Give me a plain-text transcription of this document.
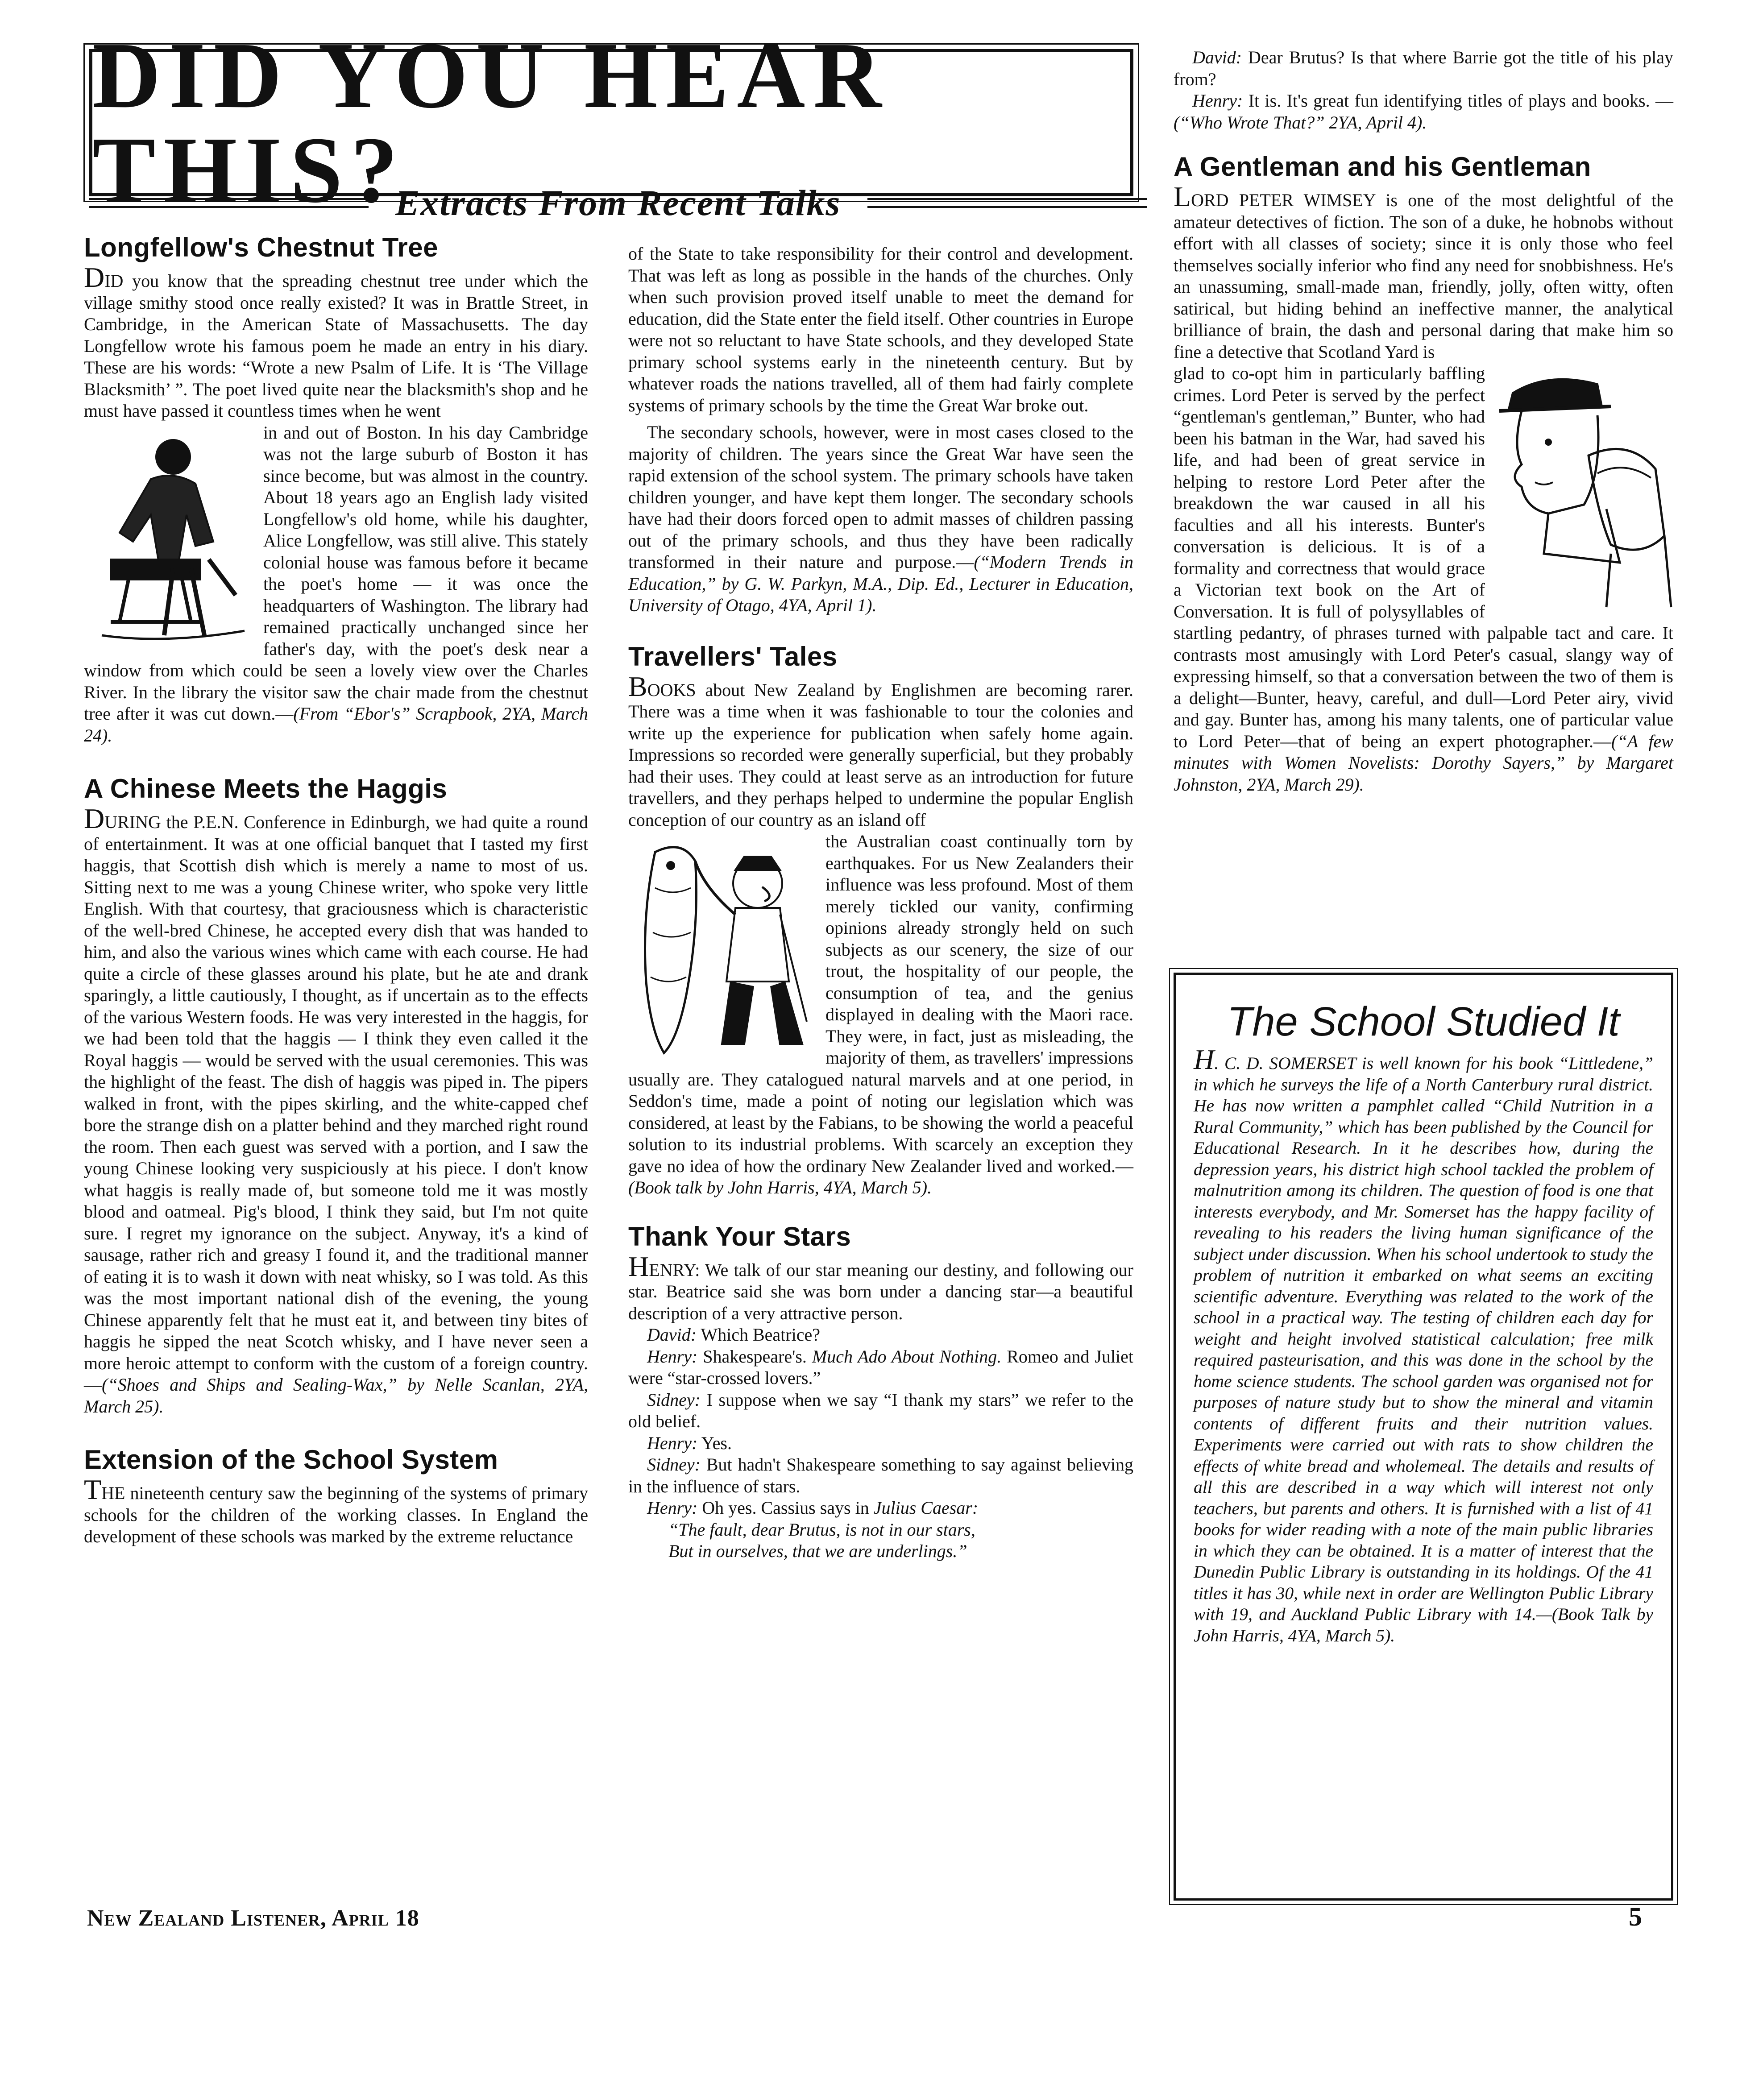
DID YOU HEAR THIS?
Extracts From Recent Talks
Longfellow's Chestnut Tree

DID you know that the spreading chestnut tree under which the village smithy stood once really existed? It was in Brattle Street, in Cambridge, in the American State of Massachusetts. The day Longfellow wrote his famous poem he made an entry in his diary. These are his words: “Wrote a new Psalm of Life. It is ‘The Village Blacksmith’ ”. The poet lived quite near the blacksmith's shop and he must have passed it countless times when he went

in and out of Boston. In his day Cambridge was not the large suburb of Boston it has since become, but was almost in the country. About 18 years ago an English lady visited Longfellow's old home, while his daughter, Alice Longfellow, was still alive. This stately colonial house was famous before it became the poet's home — it was once the headquarters of Washington. The library had remained practically unchanged since her father's day, with the poet's desk near a window from which could be seen a lovely view over the Charles River. In the library the visitor saw the chair made from the chestnut tree after it was cut down.—(From “Ebor's” Scrapbook, 2YA, March 24).

A Chinese Meets the Haggis

DURING the P.E.N. Conference in Edinburgh, we had quite a round of entertainment. It was at one official banquet that I tasted my first haggis, that Scottish dish which is merely a name to most of us. Sitting next to me was a young Chinese writer, who spoke very little English. With that courtesy, that graciousness which is characteristic of the well-bred Chinese, he accepted every dish that was handed to him, and also the various wines which came with each course. He had quite a circle of these glasses around his plate, but he ate and drank sparingly, a little cautiously, I thought, as if uncertain as to the effects of the various Western foods. He was very interested in the haggis, for we had been told that the haggis — I think they even called it the Royal haggis — would be served with the usual ceremonies. This was the highlight of the feast. The dish of haggis was piped in. The pipers walked in front, with the pipes skirling, and the white-capped chef bore the strange dish on a platter behind and they marched right round the room. Then each guest was served with a portion, and I saw the young Chinese looking very suspiciously at his piece. I don't know what haggis is really made of, but someone told me it was mostly blood and oatmeal. Pig's blood, I think they said, but I'm not quite sure. I regret my ignorance on the subject. Anyway, it's a kind of sausage, rather rich and greasy I found it, and the traditional manner of eating it is to wash it down with neat whisky, so I was told. As this was the most important national dish of the evening, the young Chinese apparently felt that he must eat it, and between tiny bites of haggis he sipped the neat Scotch whisky, and I have never seen a more heroic attempt to conform with the custom of a foreign country.—(“Shoes and Ships and Sealing-Wax,” by Nelle Scanlan, 2YA, March 25).

Extension of the School System

THE nineteenth century saw the beginning of the systems of primary schools for the children of the working classes. In England the development of these schools was marked by the extreme reluctance

of the State to take responsibility for their control and development. That was left as long as possible in the hands of the churches. Only when such provision proved itself unable to meet the demand for education, did the State enter the field itself. Other countries in Europe were not so reluctant to have State schools, and they developed State primary school systems early in the nineteenth century. But by whatever roads the nations travelled, all of them had fairly complete systems of primary schools by the time the Great War broke out.

The secondary schools, however, were in most cases closed to the majority of children. The years since the Great War have seen the rapid extension of the school system. The primary schools have taken children younger, and have kept them longer. The secondary schools have had their doors forced open to admit masses of children passing out of the primary schools, and thus they have been radically transformed in their nature and purpose.—(“Modern Trends in Education,” by G. W. Parkyn, M.A., Dip. Ed., Lecturer in Education, University of Otago, 4YA, April 1).

Travellers' Tales

BOOKS about New Zealand by Englishmen are becoming rarer. There was a time when it was fashionable to tour the colonies and write up the experience for publication when safely home again. Impressions so recorded were generally superficial, but they probably had their uses. They could at least serve as an introduction for future travellers, and they perhaps helped to undermine the popular English conception of our country as an island off

the Australian coast continually torn by earthquakes. For us New Zealanders their influence was less profound. Most of them merely tickled our vanity, confirming opinions already strongly held on such subjects as our scenery, the size of our trout, the hospitality of our people, the consumption of tea, and the genius displayed in dealing with the Maori race. They were, in fact, just as misleading, the majority of them, as travellers' impressions usually are. They catalogued natural marvels and at one period, in Seddon's time, made a point of noting our legislation which was considered, at least by the Fabians, to be showing the world a peaceful solution to its industrial problems. With scarcely an exception they gave no idea of how the ordinary New Zealander lived and worked.—(Book talk by John Harris, 4YA, March 5).

Thank Your Stars

HENRY: We talk of our star meaning our destiny, and following our star. Beatrice said she was born under a dancing star—a beautiful description of a very attractive person.

David: Which Beatrice?

Henry: Shakespeare's. Much Ado About Nothing. Romeo and Juliet were “star-crossed lovers.”

Sidney: I suppose when we say “I thank my stars” we refer to the old belief.

Henry: Yes.

Sidney: But hadn't Shakespeare something to say against believing in the influence of stars.

Henry: Oh yes. Cassius says in Julius Caesar:

“The fault, dear Brutus, is not in our stars,

But in ourselves, that we are underlings.”

David: Dear Brutus? Is that where Barrie got the title of his play from?

Henry: It is. It's great fun identifying titles of plays and books. — (“Who Wrote That?” 2YA, April 4).

A Gentleman and his Gentleman

LORD PETER WIMSEY is one of the most delightful of the amateur detectives of fiction. The son of a duke, he hobnobs without effort with all classes of society; since it is only those who feel themselves socially inferior who find any need for snobbishness. He's an unassuming, small-made man, friendly, jolly, often witty, often satirical, but hiding behind an ineffective manner, the analytical brilliance of brain, the dash and personal daring that make him so fine a detective that Scotland Yard is

glad to co-opt him in particularly baffling crimes. Lord Peter is served by the perfect “gentleman's gentleman,” Bunter, who had been his batman in the War, had saved his life, and had been of great service in helping to restore Lord Peter after the breakdown the war caused in all his faculties and all his interests. Bunter's conversation is delicious. It is of a formality and correctness that would grace a Victorian text book on the Art of Conversation. It is full of polysyllables of startling pedantry, of phrases turned with palpable tact and care. It contrasts most amusingly with Lord Peter's casual, slangy way of expressing himself, so that a conversation between the two of them is a delight—Bunter, heavy, careful, and dull—Lord Peter airy, vivid and gay. Bunter has, among his many talents, one of particular value to Lord Peter—that of being an expert photographer.—(“A few minutes with Women Novelists: Dorothy Sayers,” by Margaret Johnston, 2YA, March 29).

The School Studied It

H. C. D. SOMERSET is well known for his book “Littledene,” in which he surveys the life of a North Canterbury rural district. He has now written a pamphlet called “Child Nutrition in a Rural Community,” which has been published by the Council for Educational Research. In it he describes how, during the depression years, his district high school tackled the problem of malnutrition among its children. The question of food is one that interests everybody, and Mr. Somerset has the happy facility of revealing to his readers the living human significance of the subject under discussion. When his school undertook to study the problem of nutrition it embarked on what seems an exciting scientific adventure. Everything was related to the work of the school in a practical way. The testing of children each day for weight and height involved statistical calculation; free milk required pasteurisation, and this was done in the school by the home science students. The school garden was organised not for purposes of nature study but to show the mineral and vitamin contents of different fruits and their nutrition values. Experiments were carried out with rats to show children the effects of white bread and wholemeal. The details and results of all this are described in a way which will interest not only teachers, but parents and others. It is furnished with a list of 41 books for wider reading with a note of the main public libraries in which they can be obtained. It is a matter of interest that the Dunedin Public Library is outstanding in its holdings. Of the 41 titles it has 30, while next in order are Wellington Public Library with 19, and Auckland Public Library with 14.—(Book Talk by John Harris, 4YA, March 5).

New Zealand Listener, April 18	5
